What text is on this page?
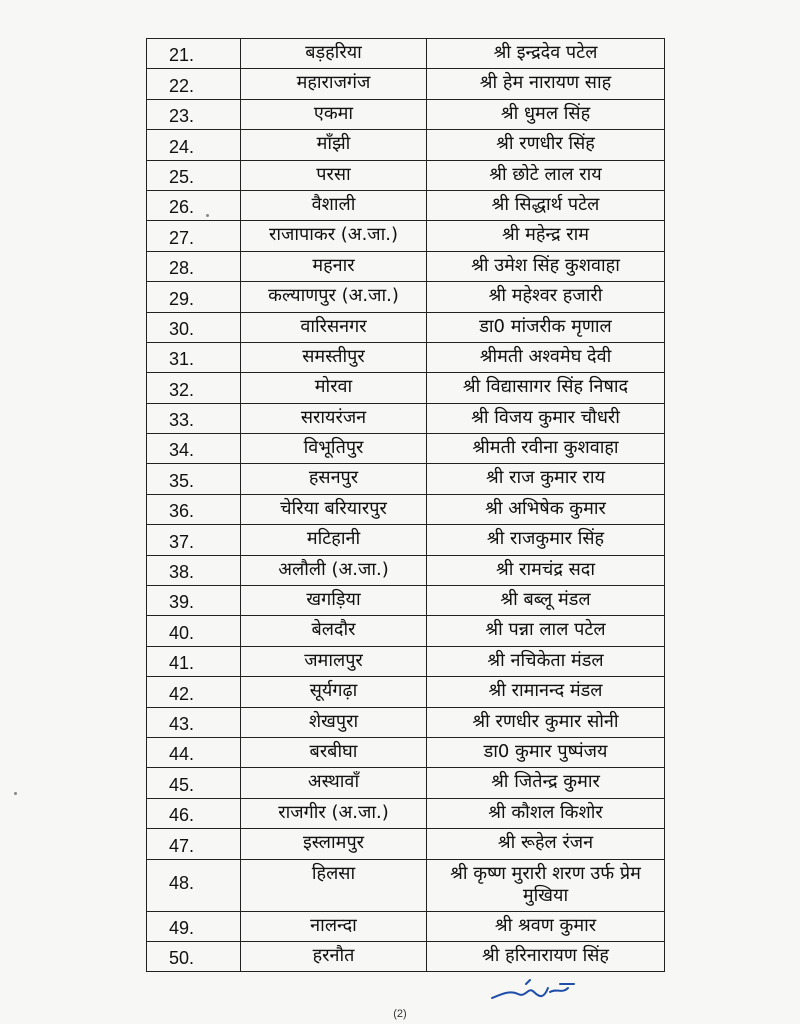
21.	बड़हरिया	श्री इन्द्रदेव पटेल
22.	महाराजगंज	श्री हेम नारायण साह
23.	एकमा	श्री धुमल सिंह
24.	माँझी	श्री रणधीर सिंह
25.	परसा	श्री छोटे लाल राय
26.	वैशाली	श्री सिद्धार्थ पटेल
27.	राजापाकर (अ.जा.)	श्री महेन्द्र राम
28.	महनार	श्री उमेश सिंह कुशवाहा
29.	कल्याणपुर (अ.जा.)	श्री महेश्वर हजारी
30.	वारिसनगर	डा0 मांजरीक मृणाल
31.	समस्तीपुर	श्रीमती अश्वमेघ देवी
32.	मोरवा	श्री विद्यासागर सिंह निषाद
33.	सरायरंजन	श्री विजय कुमार चौधरी
34.	विभूतिपुर	श्रीमती रवीना कुशवाहा
35.	हसनपुर	श्री राज कुमार राय
36.	चेरिया बरियारपुर	श्री अभिषेक कुमार
37.	मटिहानी	श्री राजकुमार सिंह
38.	अलौली (अ.जा.)	श्री रामचंद्र सदा
39.	खगड़िया	श्री बब्लू मंडल
40.	बेलदौर	श्री पन्ना लाल पटेल
41.	जमालपुर	श्री नचिकेता मंडल
42.	सूर्यगढ़ा	श्री रामानन्द मंडल
43.	शेखपुरा	श्री रणधीर कुमार सोनी
44.	बरबीघा	डा0 कुमार पुष्पंजय
45.	अस्थावाँ	श्री जितेन्द्र कुमार
46.	राजगीर (अ.जा.)	श्री कौशल किशोर
47.	इस्लामपुर	श्री रूहेल रंजन
48.	हिलसा	श्री कृष्ण मुरारी शरण उर्फ प्रेम मुखिया
49.	नालन्दा	श्री श्रवण कुमार
50.	हरनौत	श्री हरिनारायण सिंह
(2)
